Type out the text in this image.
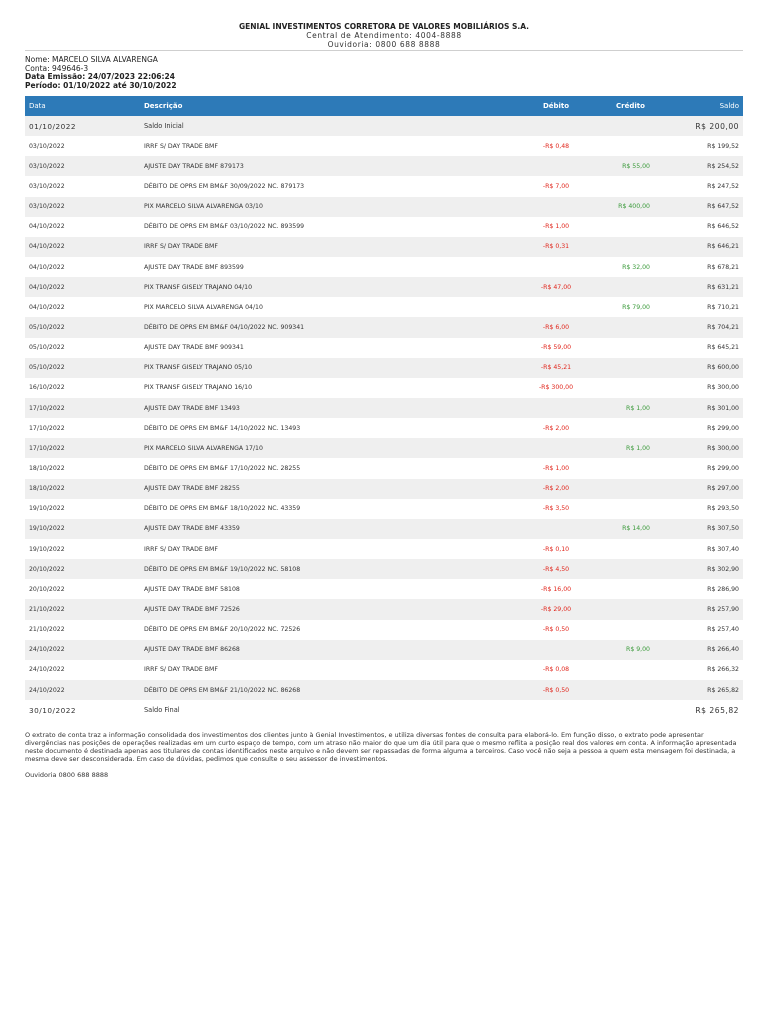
GENIAL INVESTIMENTOS CORRETORA DE VALORES MOBILIÁRIOS S.A.
Central de Atendimento: 4004-8888
Ouvidoria: 0800 688 8888
Nome: MARCELO SILVA ALVARENGA
Conta: 949646-3
Data Emissão: 24/07/2023 22:06:24
Período: 01/10/2022 até 30/10/2022
Data	Descrição	Débito	Crédito	Saldo
01/10/2022	Saldo Inicial			R$ 200,00
03/10/2022	IRRF S/ DAY TRADE BMF	-R$ 0,48		R$ 199,52
03/10/2022	AJUSTE DAY TRADE BMF 879173		R$ 55,00	R$ 254,52
03/10/2022	DÉBITO DE OPRS EM BM&F 30/09/2022 NC. 879173	-R$ 7,00		R$ 247,52
03/10/2022	PIX MARCELO SILVA ALVARENGA 03/10		R$ 400,00	R$ 647,52
04/10/2022	DÉBITO DE OPRS EM BM&F 03/10/2022 NC. 893599	-R$ 1,00		R$ 646,52
04/10/2022	IRRF S/ DAY TRADE BMF	-R$ 0,31		R$ 646,21
04/10/2022	AJUSTE DAY TRADE BMF 893599		R$ 32,00	R$ 678,21
04/10/2022	PIX TRANSF GISELY TRAJANO 04/10	-R$ 47,00		R$ 631,21
04/10/2022	PIX MARCELO SILVA ALVARENGA 04/10		R$ 79,00	R$ 710,21
05/10/2022	DÉBITO DE OPRS EM BM&F 04/10/2022 NC. 909341	-R$ 6,00		R$ 704,21
05/10/2022	AJUSTE DAY TRADE BMF 909341	-R$ 59,00		R$ 645,21
05/10/2022	PIX TRANSF GISELY TRAJANO 05/10	-R$ 45,21		R$ 600,00
16/10/2022	PIX TRANSF GISELY TRAJANO 16/10	-R$ 300,00		R$ 300,00
17/10/2022	AJUSTE DAY TRADE BMF 13493		R$ 1,00	R$ 301,00
17/10/2022	DÉBITO DE OPRS EM BM&F 14/10/2022 NC. 13493	-R$ 2,00		R$ 299,00
17/10/2022	PIX MARCELO SILVA ALVARENGA 17/10		R$ 1,00	R$ 300,00
18/10/2022	DÉBITO DE OPRS EM BM&F 17/10/2022 NC. 28255	-R$ 1,00		R$ 299,00
18/10/2022	AJUSTE DAY TRADE BMF 28255	-R$ 2,00		R$ 297,00
19/10/2022	DÉBITO DE OPRS EM BM&F 18/10/2022 NC. 43359	-R$ 3,50		R$ 293,50
19/10/2022	AJUSTE DAY TRADE BMF 43359		R$ 14,00	R$ 307,50
19/10/2022	IRRF S/ DAY TRADE BMF	-R$ 0,10		R$ 307,40
20/10/2022	DÉBITO DE OPRS EM BM&F 19/10/2022 NC. 58108	-R$ 4,50		R$ 302,90
20/10/2022	AJUSTE DAY TRADE BMF 58108	-R$ 16,00		R$ 286,90
21/10/2022	AJUSTE DAY TRADE BMF 72526	-R$ 29,00		R$ 257,90
21/10/2022	DÉBITO DE OPRS EM BM&F 20/10/2022 NC. 72526	-R$ 0,50		R$ 257,40
24/10/2022	AJUSTE DAY TRADE BMF 86268		R$ 9,00	R$ 266,40
24/10/2022	IRRF S/ DAY TRADE BMF	-R$ 0,08		R$ 266,32
24/10/2022	DÉBITO DE OPRS EM BM&F 21/10/2022 NC. 86268	-R$ 0,50		R$ 265,82
30/10/2022	Saldo Final			R$ 265,82
O extrato de conta traz a informação consolidada dos investimentos dos clientes junto à Genial Investimentos, e utiliza diversas fontes de consulta para elaborá-lo. Em função disso, o extrato pode apresentar divergências nas posições de operações realizadas em um curto espaço de tempo, com um atraso não maior do que um dia útil para que o mesmo reflita a posição real dos valores em conta. A informação apresentada neste documento é destinada apenas aos titulares de contas identificados neste arquivo e não devem ser repassadas de forma alguma a terceiros. Caso você não seja a pessoa a quem esta mensagem foi destinada, a mesma deve ser desconsiderada. Em caso de dúvidas, pedimos que consulte o seu assessor de investimentos.
Ouvidoria 0800 688 8888
